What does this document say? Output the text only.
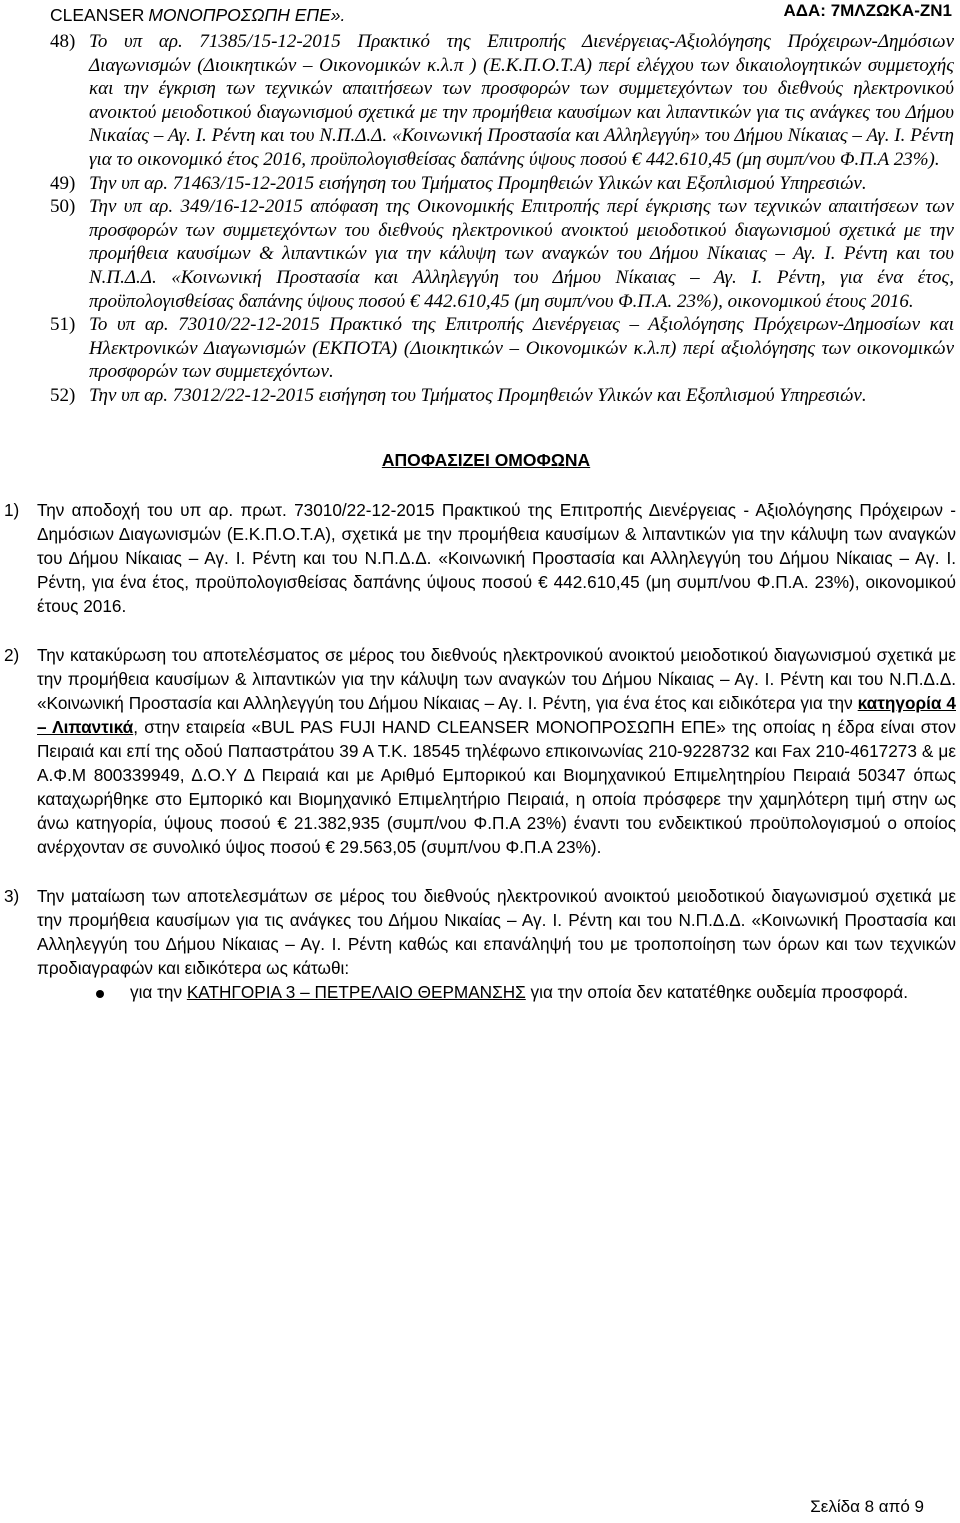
ΑΔΑ: 7ΜΛΖΩΚΑ-ΖΝ1

CLEANSER ΜΟΝΟΠΡΟΣΩΠΗ ΕΠΕ».

48) Το υπ αρ. 71385/15-12-2015 Πρακτικό της Επιτροπής Διενέργειας-Αξιολόγησης Πρόχειρων-Δημόσιων Διαγωνισμών (Διοικητικών – Οικονομικών κ.λ.π ) (Ε.Κ.Π.Ο.Τ.Α) περί ελέγχου των δικαιολογητικών συμμετοχής και την έγκριση των τεχνικών απαιτήσεων των προσφορών των συμμετεχόντων του διεθνούς ηλεκτρονικού ανοικτού μειοδοτικού διαγωνισμού σχετικά με την προμήθεια καυσίμων και λιπαντικών για τις ανάγκες του Δήμου Νικαίας – Αγ. Ι. Ρέντη και του Ν.Π.Δ.Δ. «Κοινωνική Προστασία και Αλληλεγγύη» του Δήμου Νίκαιας – Αγ. Ι. Ρέντη για το οικονομικό έτος 2016, προϋπολογισθείσας δαπάνης ύψους ποσού € 442.610,45 (μη συμπ/νου Φ.Π.Α 23%).

49) Την υπ αρ. 71463/15-12-2015 εισήγηση του Τμήματος Προμηθειών Υλικών και Εξοπλισμού Υπηρεσιών.

50) Την υπ αρ. 349/16-12-2015 απόφαση της Οικονομικής Επιτροπής περί έγκρισης των τεχνικών απαιτήσεων των προσφορών των συμμετεχόντων του διεθνούς ηλεκτρονικού ανοικτού μειοδοτικού διαγωνισμού σχετικά με την προμήθεια καυσίμων & λιπαντικών για την κάλυψη των αναγκών του Δήμου Νίκαιας – Αγ. Ι. Ρέντη και του Ν.Π.Δ.Δ. «Κοινωνική Προστασία και Αλληλεγγύη του Δήμου Νίκαιας – Αγ. Ι. Ρέντη, για ένα έτος, προϋπολογισθείσας δαπάνης ύψους ποσού € 442.610,45 (μη συμπ/νου Φ.Π.Α. 23%), οικονομικού έτους 2016.

51) Το υπ αρ. 73010/22-12-2015 Πρακτικό της Επιτροπής Διενέργειας – Αξιολόγησης Πρόχειρων-Δημοσίων και Ηλεκτρονικών Διαγωνισμών (ΕΚΠΟΤΑ) (Διοικητικών – Οικονομικών κ.λ.π) περί αξιολόγησης των οικονομικών προσφορών των συμμετεχόντων.

52) Την υπ αρ. 73012/22-12-2015 εισήγηση του Τμήματος Προμηθειών Υλικών και Εξοπλισμού Υπηρεσιών.

ΑΠΟΦΑΣΙΖΕΙ ΟΜΟΦΩΝΑ

1) Την αποδοχή του υπ αρ. πρωτ. 73010/22-12-2015 Πρακτικού της Επιτροπής Διενέργειας - Αξιολόγησης Πρόχειρων - Δημόσιων Διαγωνισμών (Ε.Κ.Π.Ο.Τ.Α), σχετικά με την προμήθεια καυσίμων & λιπαντικών για την κάλυψη των αναγκών του Δήμου Νίκαιας – Αγ. Ι. Ρέντη και του Ν.Π.Δ.Δ. «Κοινωνική Προστασία και Αλληλεγγύη του Δήμου Νίκαιας – Αγ. Ι. Ρέντη, για ένα έτος, προϋπολογισθείσας δαπάνης ύψους ποσού € 442.610,45 (μη συμπ/νου Φ.Π.Α. 23%), οικονομικού έτους 2016.

2) Την κατακύρωση του αποτελέσματος σε μέρος του διεθνούς ηλεκτρονικού ανοικτού μειοδοτικού διαγωνισμού σχετικά με την προμήθεια καυσίμων & λιπαντικών για την κάλυψη των αναγκών του Δήμου Νίκαιας – Αγ. Ι. Ρέντη και του Ν.Π.Δ.Δ. «Κοινωνική Προστασία και Αλληλεγγύη του Δήμου Νίκαιας – Αγ. Ι. Ρέντη, για ένα έτος και ειδικότερα για την κατηγορία 4 – Λιπαντικά, στην εταιρεία «BUL PAS FUJI HAND CLEANSER ΜΟΝΟΠΡΟΣΩΠΗ ΕΠΕ» της οποίας η έδρα είναι στον Πειραιά και επί της οδού Παπαστράτου 39 Α Τ.Κ. 18545 τηλέφωνο επικοινωνίας 210-9228732 και Fax 210-4617273 & με Α.Φ.Μ 800339949, Δ.Ο.Υ Δ Πειραιά και με Αριθμό Εμπορικού και Βιομηχανικού Επιμελητηρίου Πειραιά 50347 όπως καταχωρήθηκε στο Εμπορικό και Βιομηχανικό Επιμελητήριο Πειραιά, η οποία πρόσφερε την χαμηλότερη τιμή στην ως άνω κατηγορία, ύψους ποσού € 21.382,935 (συμπ/νου Φ.Π.Α 23%) έναντι του ενδεικτικού προϋπολογισμού ο οποίος ανέρχονταν σε συνολικό ύψος ποσού € 29.563,05 (συμπ/νου Φ.Π.Α 23%).

3) Την ματαίωση των αποτελεσμάτων σε μέρος του διεθνούς ηλεκτρονικού ανοικτού μειοδοτικού διαγωνισμού σχετικά με την προμήθεια καυσίμων για τις ανάγκες του Δήμου Νικαίας – Αγ. Ι. Ρέντη και του Ν.Π.Δ.Δ. «Κοινωνική Προστασία και Αλληλεγγύη του Δήμου Νίκαιας – Αγ. Ι. Ρέντη καθώς και επανάληψή του με τροποποίηση των όρων και των τεχνικών προδιαγραφών και ειδικότερα ως κάτωθι:

για την ΚΑΤΗΓΟΡΙΑ 3 – ΠΕΤΡΕΛΑΙΟ ΘΕΡΜΑΝΣΗΣ για την οποία δεν κατατέθηκε ουδεμία προσφορά.

Σελίδα 8 από 9
